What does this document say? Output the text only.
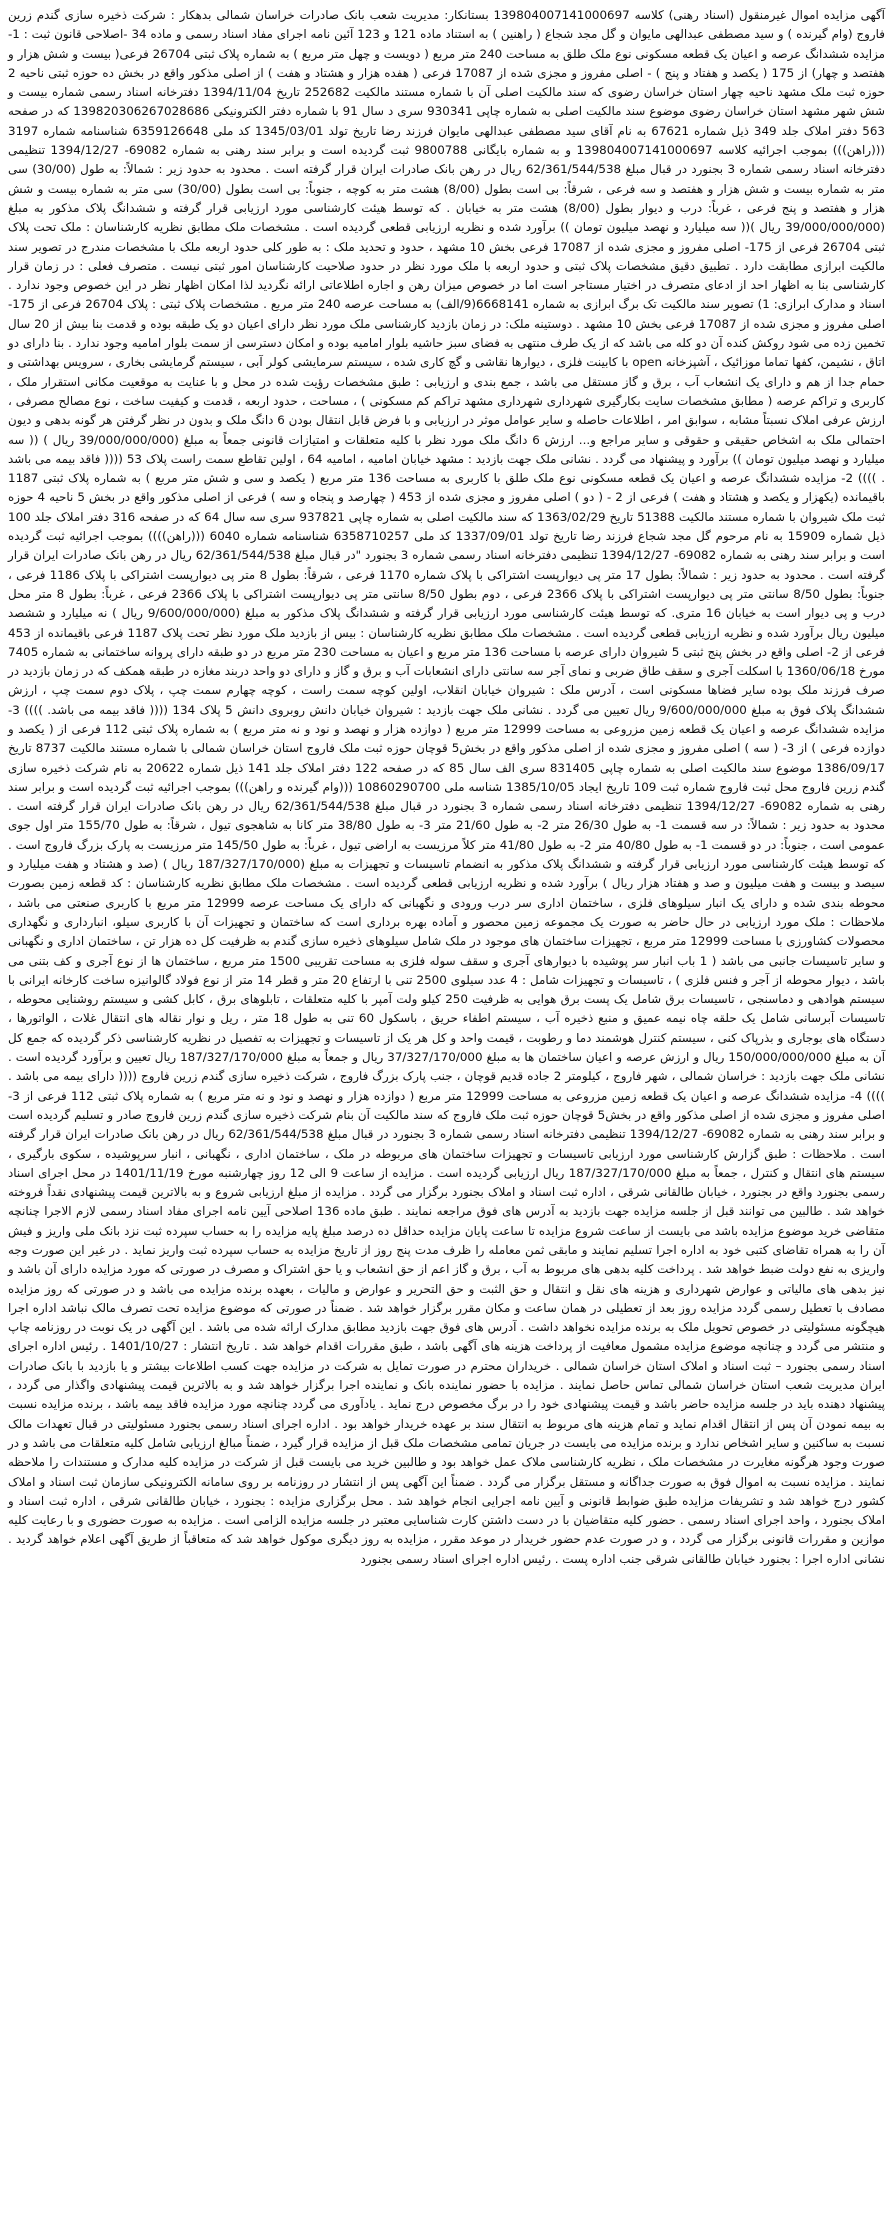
آگهی مزایده اموال غیرمنقول (اسناد رهنی) کلاسه 139804007141000697 بستانکار: مدیریت شعب بانک صادرات خراسان شمالی بدهکار : شرکت ذخیره سازی گندم زرین فاروج (وام گیرنده ) و سید مصطفی عبدالهی مایوان و گل مجد شجاع ( راهنین ) به استناد ماده 121 و 123 آئین نامه اجرای مفاد اسناد رسمی و ماده 34 -اصلاحی قانون ثبت : 1- مزایده ششدانگ عرصه و اعیان یک قطعه مسکونی نوع ملک طلق به مساحت 240 متر مربع ( دویست و چهل متر مربع ) به شماره پلاک ثبتی 26704 فرعی( بیست و شش هزار و هفتصد و چهار) از 175 ( یکصد و هفتاد و پنج ) - اصلی مفروز و مجزی شده از 17087 فرعی ( هفده هزار و هشتاد و هفت ) از اصلی مذکور واقع در بخش ده حوزه ثبتی ناحیه 2 حوزه ثبت ملک مشهد ناحیه چهار استان خراسان رضوی که سند مالکیت اصلی آن با شماره مستند مالکیت 252682 تاریخ 1394/11/04 دفترخانه اسناد رسمی شماره بیست و شش شهر مشهد استان خراسان رضوی موضوع سند مالکیت اصلی به شماره چاپی 930341 سری د سال 91 با شماره دفتر الکترونیکی 139820306267028686 که در صفحه 563 دفتر املاک جلد 349 ذیل شماره 67621 به نام آقای سید مصطفی عبدالهی مایوان فرزند رضا تاریخ تولد 1345/03/01 کد ملی 6359126648 شناسنامه شماره 3197 (((راهن))) بموجب اجرائیه کلاسه 139804007141000697 و به شماره بایگانی 9800788 ثبت گردیده است و برابر سند رهنی به شماره 69082- 1394/12/27 تنظیمی دفترخانه اسناد رسمی شماره 3 بجنورد در قبال مبلغ 62/361/544/538 ریال در رهن بانک صادرات ایران قرار گرفته است . محدود به حدود زیر : شمالاً: به طول (30/00) سی متر به شماره بیست و شش هزار و هفتصد و سه فرعی ، شرقاً: بی است بطول (8/00) هشت متر به کوچه ، جنوباً: بی است بطول (30/00) سی متر به شماره بیست و شش هزار و هفتصد و پنج فرعی ، غرباً: درب و دیوار بطول (8/00) هشت متر به خیابان . که توسط هیئت کارشناسی مورد ارزیابی قرار گرفته و ششدانگ پلاک مذکور به مبلغ (39/000/000/000 ریال )(( سه میلیارد و نهصد میلیون تومان )) برآورد شده و نظریه ارزیابی قطعی گردیده است . مشخصات ملک مطابق نظریه کارشناسان : ملک تحت پلاک ثبتی 26704 فرعی از 175- اصلی مفروز و مجزی شده از 17087 فرعی بخش 10 مشهد ، حدود و تحدید ملک : به طور کلی حدود اربعه ملک با مشخصات مندرج در تصویر سند مالکیت ابرازی مطابقت دارد . تطبیق دقیق مشخصات پلاک ثبتی و حدود اربعه با ملک مورد نظر در حدود صلاحیت کارشناسان امور ثبتی نیست . متصرف فعلی : در زمان قرار کارشناسی بنا به اظهار احد از ادعای متصرف در اختیار مستاجر است اما در خصوص میزان رهن و اجاره اطلاعاتی ارائه نگردید لذا امکان اظهار نظر در این خصوص وجود ندارد . اسناد و مدارک ابرازی: 1) تصویر سند مالکیت تک برگ ابرازی به شماره 6668141(9/الف) به مساحت عرصه 240 متر مربع . مشخصات پلاک ثبتی : پلاک 26704 فرعی از 175- اصلی مفروز و مجزی شده از 17087 فرعی بخش 10 مشهد . دوستینه ملک: در زمان بازدید کارشناسی ملک مورد نظر دارای اعیان دو یک طبقه بوده و قدمت بنا بیش از 20 سال تخمین زده می شود روکش کنده آن دو کله می باشد که از یک طرف منتهی به فضای سبز حاشیه بلوار امامیه بوده و امکان دسترسی از سمت بلوار امامیه وجود ندارد . بنا دارای دو اتاق ، نشیمن، کفها تماما موزائیک ، آشپزخانه open با کابینت فلزی ، دیوارها نقاشی و گچ کاری شده ، سیستم سرمایشی کولر آبی ، سیستم گرمایشی بخاری ، سرویس بهداشتی و حمام جدا از هم و دارای یک انشعاب آب ، برق و گاز مستقل می باشد ، جمع بندی و ارزیابی : طبق مشخصات رؤیت شده در محل و با عنایت به موقعیت مکانی استقرار ملک ، کاربری و تراکم عرصه ( مطابق مشخصات سایت بکارگیری شهرداری شهرداری مشهد تراکم کم مسکونی ) ، مساحت ، حدود اربعه ، قدمت و کیفیت ساخت ، نوع مصالح مصرفی ، ارزش عرفی املاک نسبتاً مشابه ، سوابق امر ، اطلاعات حاصله و سایر عوامل موثر در ارزیابی و با فرض قابل انتقال بودن 6 دانگ ملک و بدون در نظر گرفتن هر گونه بدهی و دیون احتمالی ملک به اشخاص حقیقی و حقوقی و سایر مراجع و... ارزش 6 دانگ ملک مورد نظر با کلیه متعلقات و امتیازات قانونی جمعاً به مبلغ (39/000/000/000 ریال ) (( سه میلیارد و نهصد میلیون تومان )) برآورد و پیشنهاد می گردد . نشانی ملک جهت بازدید : مشهد خیابان امامیه ، امامیه 64 ، اولین تقاطع سمت راست پلاک 53 (((( فاقد بیمه می باشد . )))) 2- مزایده ششدانگ عرصه و اعیان یک قطعه مسکونی نوع ملک طلق با کاربری به مساحت 136 متر مربع ( یکصد و سی و شش متر مربع ) به شماره پلاک ثبتی 1187 باقیمانده (یکهزار و یکصد و هشتاد و هفت ) فرعی از 2 - ( دو ) اصلی مفروز و مجزی شده از 453 ( چهارصد و پنجاه و سه ) فرعی از اصلی مذکور واقع در بخش 5 ناحیه 4 حوزه ثبت ملک شیروان با شماره مستند مالکیت 51388 تاریخ 1363/02/29 که سند مالکیت اصلی به شماره چاپی 937821 سری سه سال 64 که در صفحه 316 دفتر املاک جلد 100 ذیل شماره 15909 به نام مرحوم گل مجد شجاع فرزند رضا تاریخ تولد 1337/09/01 کد ملی 6358710257 شناسنامه شماره 6040 (((راهن)))) بموجب اجرائیه ثبت گردیده است و برابر سند رهنی به شماره 69082- 1394/12/27 تنظیمی دفترخانه اسناد رسمی شماره 3 بجنورد "در قبال مبلغ 62/361/544/538 ریال در رهن بانک صادرات ایران قرار گرفته است . محدود به حدود زیر : شمالاً: بطول 17 متر پی دیوارپست اشتراکی با پلاک شماره 1170 فرعی ، شرقاً: بطول 8 متر پی دیوارپست اشتراکی با پلاک 1186 فرعی ، جنوباً: بطول 8/50 سانتی متر پی دیوارپست اشتراکی با پلاک 2366 فرعی ، دوم بطول 8/50 سانتی متر پی دیوارپست اشتراکی با پلاک 2366 فرعی ، غرباً: بطول 8 متر محل درب و پی دیوار است به خیابان 16 متری. که توسط هیئت کارشناسی مورد ارزیابی قرار گرفته و ششدانگ پلاک مذکور به مبلغ (9/600/000/000 ریال ) نه میلیارد و ششصد میلیون ریال برآورد شده و نظریه ارزیابی قطعی گردیده است . مشخصات ملک مطابق نظریه کارشناسان : بیس از بازدید ملک مورد نظر تحت پلاک 1187 فرعی باقیمانده از 453 فرعی از 2- اصلی واقع در بخش پنج ثبتی 5 شیروان دارای عرصه با مساحت 136 متر مربع و اعیان به مساحت 230 متر مربع در دو طبقه دارای پروانه ساختمانی به شماره 7405 مورخ 1360/06/18 با اسکلت آجری و سقف طاق ضربی و نمای آجر سه سانتی دارای انشعابات آب و برق و گاز و دارای دو واحد دربند مغازه در طبقه همکف که در زمان بازدید در صرف فرزند ملک بوده سایر فضاها مسکونی است ، آدرس ملک : شیروان خیابان انقلاب، اولین کوچه سمت راست ، کوچه چهارم سمت چپ ، پلاک دوم سمت چپ ، ارزش ششدانگ پلاک فوق به مبلغ 9/600/000/000 ریال تعیین می گردد . نشانی ملک جهت بازدید : شیروان خیابان دانش روبروی دانش 5 پلاک 134 (((( فاقد بیمه می باشد. )))) 3- مزایده ششدانگ عرصه و اعیان یک قطعه زمین مزروعی به مساحت 12999 متر مربع ( دوازده هزار و نهصد و نود و نه متر مربع ) به شماره پلاک ثبتی 112 فرعی از ( یکصد و دوازده فرعی ) از 3- ( سه ) اصلی مفروز و مجزی شده از اصلی مذکور واقع در بخش5 قوچان حوزه ثبت ملک فاروج استان خراسان شمالی با شماره مستند مالکیت 8737 تاریخ 1386/09/17 موضوع سند مالکیت اصلی به شماره چاپی 831405 سری الف سال 85 که در صفحه 122 دفتر املاک جلد 141 ذیل شماره 20622 به نام شرکت ذخیره سازی گندم زرین فاروج محل ثبت فاروج شماره ثبت 109 تاریخ ایجاد 1385/10/05 شناسه ملی 10860290700 (((وام گیرنده و راهن))) بموجب اجرائیه ثبت گردیده است و برابر سند رهنی به شماره 69082- 1394/12/27 تنظیمی دفترخانه اسناد رسمی شماره 3 بجنورد در قبال مبلغ 62/361/544/538 ریال در رهن بانک صادرات ایران قرار گرفته است . محدود به حدود زیر : شمالاً: در سه قسمت 1- به طول 26/30 متر 2- به طول 21/60 متر 3- به طول 38/80 متر کانا به شاهجوی تیول ، شرقاً: به طول 155/70 متر اول جوی عمومی است ، جنوباً: در دو قسمت 1- به طول 40/80 متر 2- به طول 41/80 متر کلاً مرزیست به اراضی تیول ، غرباً: به طول 145/50 متر مرزیست به پارک بزرگ فاروج است . که توسط هیئت کارشناسی مورد ارزیابی قرار گرفته و ششدانگ پلاک مذکور به انضمام تاسیسات و تجهیزات به مبلغ (187/327/170/000 ریال ) (صد و هشتاد و هفت میلیارد و سیصد و بیست و هفت میلیون و صد و هفتاد هزار ریال ) برآورد شده و نظریه ارزیابی قطعی گردیده است . مشخصات ملک مطابق نظریه کارشناسان : کد قطعه زمین بصورت محوطه بندی شده و دارای یک انبار سیلوهای فلزی ، ساختمان اداری سر درب ورودی و نگهبانی که دارای یک مساحت عرصه 12999 متر مربع با کاربری صنعتی می باشد ، ملاحظات : ملک مورد ارزیابی در حال حاضر به صورت یک مجموعه زمین محصور و آماده بهره برداری است که ساختمان و تجهیزات آن با کاربری سیلو، انبارداری و نگهداری محصولات کشاورزی با مساحت 12999 متر مربع ، تجهیزات ساختمان های موجود در ملک شامل سیلوهای ذخیره سازی گندم به ظرفیت کل ده هزار تن ، ساختمان اداری و نگهبانی و سایر تاسیسات جانبی می باشد ( 1 باب انبار سر پوشیده با دیوارهای آجری و سقف سوله فلزی به مساحت تقریبی 1500 متر مربع ، ساختمان ها از نوع آجری و کف بتنی می باشد ، دیوار محوطه از آجر و فنس فلزی ) ، تاسیسات و تجهیزات شامل : 4 عدد سیلوی 2500 تنی با ارتفاع 20 متر و قطر 14 متر از نوع فولاد گالوانیزه ساخت کارخانه ایرانی با سیستم هوادهی و دماسنجی ، تاسیسات برق شامل یک پست برق هوایی به ظرفیت 250 کیلو ولت آمپر با کلیه متعلقات ، تابلوهای برق ، کابل کشی و سیستم روشنایی محوطه ، تاسیسات آبرسانی شامل یک حلقه چاه نیمه عمیق و منبع ذخیره آب ، سیستم اطفاء حریق ، باسکول 60 تنی به طول 18 متر ، ریل و نوار نقاله های انتقال غلات ، الواتورها ، دستگاه های بوجاری و بذرپاک کنی ، سیستم کنترل هوشمند دما و رطوبت ، قیمت واحد و کل هر یک از تاسیسات و تجهیزات به تفصیل در نظریه کارشناسی ذکر گردیده که جمع کل آن به مبلغ 150/000/000/000 ریال و ارزش عرصه و اعیان ساختمان ها به مبلغ 37/327/170/000 ریال و جمعاً به مبلغ 187/327/170/000 ریال تعیین و برآورد گردیده است . نشانی ملک جهت بازدید : خراسان شمالی ، شهر فاروج ، کیلومتر 2 جاده قدیم قوچان ، جنب پارک بزرگ فاروج ، شرکت ذخیره سازی گندم زرین فاروج (((( دارای بیمه می باشد . )))) 4- مزایده ششدانگ عرصه و اعیان یک قطعه زمین مزروعی به مساحت 12999 متر مربع ( دوازده هزار و نهصد و نود و نه متر مربع ) به شماره پلاک ثبتی 112 فرعی از 3- اصلی مفروز و مجزی شده از اصلی مذکور واقع در بخش5 قوچان حوزه ثبت ملک فاروج که سند مالکیت آن بنام شرکت ذخیره سازی گندم زرین فاروج صادر و تسلیم گردیده است و برابر سند رهنی به شماره 69082- 1394/12/27 تنظیمی دفترخانه اسناد رسمی شماره 3 بجنورد در قبال مبلغ 62/361/544/538 ریال در رهن بانک صادرات ایران قرار گرفته است . ملاحظات : طبق گزارش کارشناسی مورد ارزیابی تاسیسات و تجهیزات ساختمان های مربوطه در ملک ، ساختمان اداری ، نگهبانی ، انبار سرپوشیده ، سکوی بارگیری ، سیستم های انتقال و کنترل ، جمعاً به مبلغ 187/327/170/000 ریال ارزیابی گردیده است . مزایده از ساعت 9 الی 12 روز چهارشنبه مورخ 1401/11/19 در محل اجرای اسناد رسمی بجنورد واقع در بجنورد ، خیابان طالقانی شرقی ، اداره ثبت اسناد و املاک بجنورد برگزار می گردد . مزایده از مبلغ ارزیابی شروع و به بالاترین قیمت پیشنهادی نقداً فروخته خواهد شد . طالبین می توانند قبل از جلسه مزایده جهت بازدید به آدرس های فوق مراجعه نمایند . طبق ماده 136 اصلاحی آیین نامه اجرای مفاد اسناد رسمی لازم الاجرا چنانچه متقاضی خرید موضوع مزایده باشد می بایست از ساعت شروع مزایده تا ساعت پایان مزایده حداقل ده درصد مبلغ پایه مزایده را به حساب سپرده ثبت نزد بانک ملی واریز و فیش آن را به همراه تقاضای کتبی خود به اداره اجرا تسلیم نمایند و مابقی ثمن معامله را ظرف مدت پنج روز از تاریخ مزایده به حساب سپرده ثبت واریز نماید . در غیر این صورت وجه واریزی به نفع دولت ضبط خواهد شد . پرداخت کلیه بدهی های مربوط به آب ، برق و گاز اعم از حق انشعاب و یا حق اشتراک و مصرف در صورتی که مورد مزایده دارای آن باشد و نیز بدهی های مالیاتی و عوارض شهرداری و هزینه های نقل و انتقال و حق الثبت و حق التحریر و عوارض و مالیات ، بعهده برنده مزایده می باشد و در صورتی که روز مزایده مصادف با تعطیل رسمی گردد مزایده روز بعد از تعطیلی در همان ساعت و مکان مقرر برگزار خواهد شد . ضمناً در صورتی که موضوع مزایده تحت تصرف مالک نباشد اداره اجرا هیچگونه مسئولیتی در خصوص تحویل ملک به برنده مزایده نخواهد داشت . آدرس های فوق جهت بازدید مطابق مدارک ارائه شده می باشد . این آگهی در یک نوبت در روزنامه چاپ و منتشر می گردد و چنانچه موضوع مزایده مشمول معافیت از پرداخت هزینه های آگهی باشد ، طبق مقررات اقدام خواهد شد . تاریخ انتشار : 1401/10/27 . رئیس اداره اجرای اسناد رسمی بجنورد – ثبت اسناد و املاک استان خراسان شمالی . خریداران محترم در صورت تمایل به شرکت در مزایده جهت کسب اطلاعات بیشتر و یا بازدید با بانک صادرات ایران مدیریت شعب استان خراسان شمالی تماس حاصل نمایند . مزایده با حضور نماینده بانک و نماینده اجرا برگزار خواهد شد و به بالاترین قیمت پیشنهادی واگذار می گردد ، پیشنهاد دهنده باید در جلسه مزایده حاضر باشد و قیمت پیشنهادی خود را در برگ مخصوص درج نماید . یادآوری می گردد چنانچه مورد مزایده فاقد بیمه باشد ، برنده مزایده نسبت به بیمه نمودن آن پس از انتقال اقدام نماید و تمام هزینه های مربوط به انتقال سند بر عهده خریدار خواهد بود . اداره اجرای اسناد رسمی بجنورد مسئولیتی در قبال تعهدات مالک نسبت به ساکنین و سایر اشخاص ندارد و برنده مزایده می بایست در جریان تمامی مشخصات ملک قبل از مزایده قرار گیرد ، ضمناً مبالغ ارزیابی شامل کلیه متعلقات می باشد و در صورت وجود هرگونه مغایرت در مشخصات ملک ، نظریه کارشناسی ملاک عمل خواهد بود و طالبین خرید می بایست قبل از شرکت در مزایده کلیه مدارک و مستندات را ملاحظه نمایند . مزایده نسبت به اموال فوق به صورت جداگانه و مستقل برگزار می گردد . ضمناً این آگهی پس از انتشار در روزنامه بر روی سامانه الکترونیکی سازمان ثبت اسناد و املاک کشور درج خواهد شد و تشریفات مزایده طبق ضوابط قانونی و آیین نامه اجرایی انجام خواهد شد . محل برگزاری مزایده : بجنورد ، خیابان طالقانی شرقی ، اداره ثبت اسناد و املاک بجنورد ، واحد اجرای اسناد رسمی . حضور کلیه متقاضیان با در دست داشتن کارت شناسایی معتبر در جلسه مزایده الزامی است . مزایده به صورت حضوری و با رعایت کلیه موازین و مقررات قانونی برگزار می گردد ، و در صورت عدم حضور خریدار در موعد مقرر ، مزایده به روز دیگری موکول خواهد شد که متعاقباً از طریق آگهی اعلام خواهد گردید . نشانی اداره اجرا : بجنورد خیابان طالقانی شرقی جنب اداره پست . رئیس اداره اجرای اسناد رسمی بجنورد
